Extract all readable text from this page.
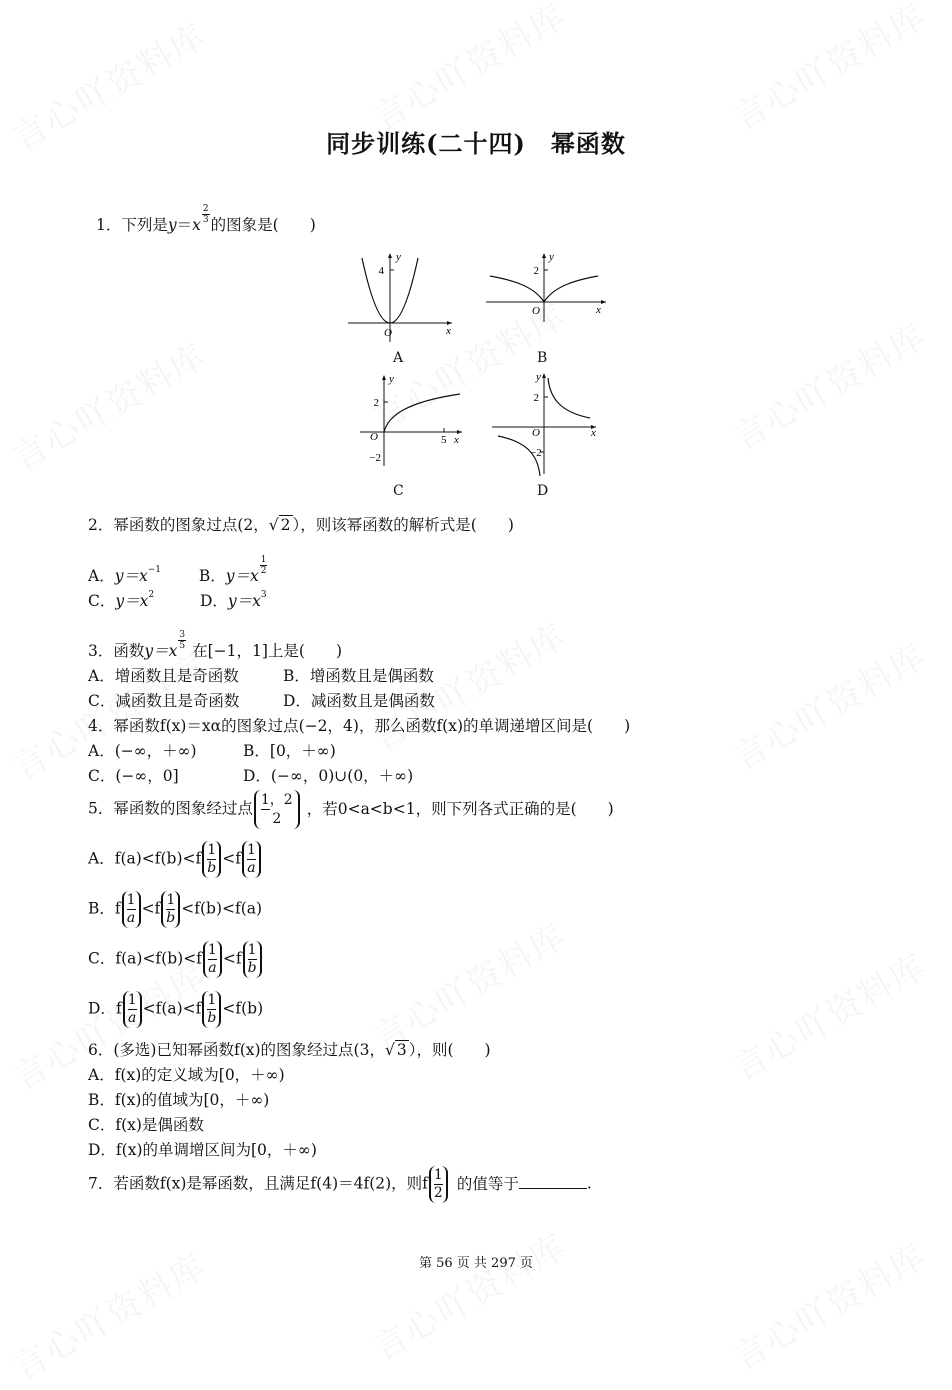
同步训练(二十四)　幂函数
1．下列是$y=x \frac{2}{3}$ 的图象是(　　)
4
O	x
y
A
2
O	x
y
B
2
5
−2
O	x
y
C
2
−2
O	x
y
D
2．幂函数的图象过点(2，√ 2 ），则该幂函数的解析式是(　　)
A．$y=x^{-1}$ B．$y=x \frac{1}{2}$
C．$y=x^2$	D．$y=x^3$
3．函数$y=x \frac{3}{5}$ 在[−1，1]上是(　　)
A．增函数且是奇函数	B．增函数且是偶函数
C．减函数且是奇函数	D．减函数且是偶函数
4．幂函数f(x)＝xα的图象过点(−2，4)，那么函数f(x)的单调递增区间是(　　)
A．(−∞，＋∞)	B．[0，＋∞)
C．(−∞，0]	D．(−∞，0)∪(0，＋∞)
5．幂函数的图象经过点 1，2
2，若0<a<b<1，则下列各式正确的是(　　)
A．$f(a)<f(b)<f \frac{1}{b} <f \frac{1}{a}$
B．f $\frac{1}{a} <f \frac{1}{b} <f(b)<f(a)$
C．$f(a)<f(b)<f \frac{1}{a} <f \frac{1}{b}$
D．f $\frac{1}{a} <f(a)<f \frac{1}{b} <f(b)$
6．(多选)已知幂函数f(x)的图象经过点(3，√ 3 ），则(　　)
A．f(x)的定义域为[0，＋∞)
B．f(x)的值域为[0，＋∞)
C．f(x)是偶函数
D．f(x)的单调增区间为[0，＋∞)
7．若函数f(x)是幂函数，且满足f(4)＝4f(2)，则f $\frac{1}{2}$ 的值等于	.
第 56 页 共 297 页
